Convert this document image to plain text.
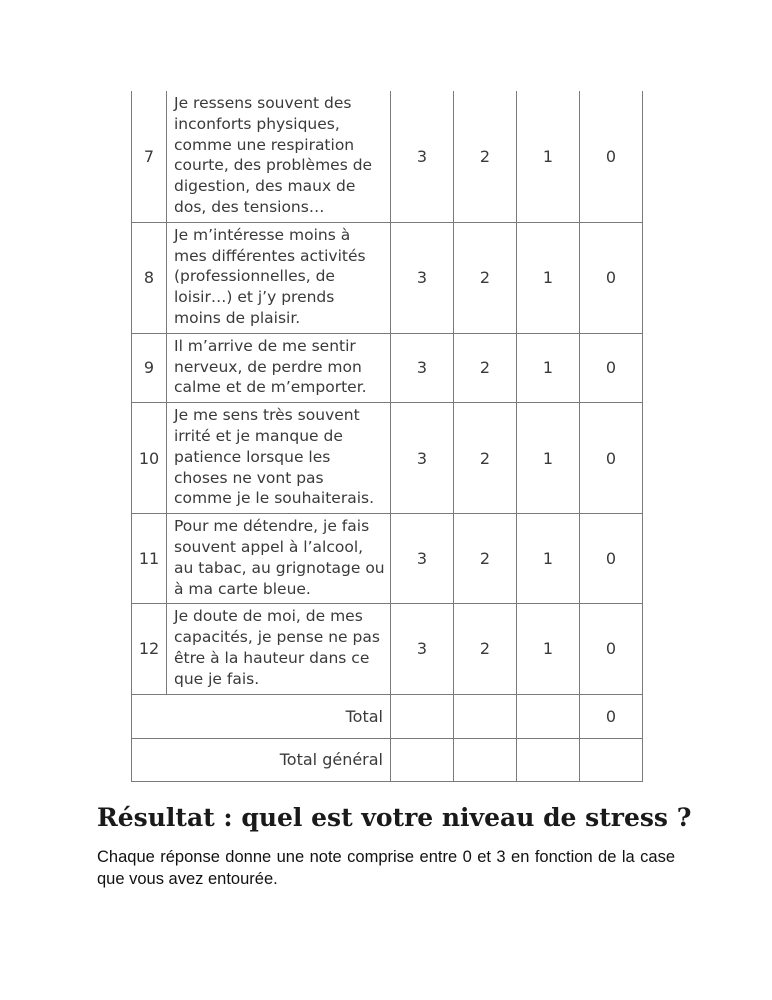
7	Je ressens souvent des inconforts physiques, comme une respiration courte, des problèmes de digestion, des maux de dos, des tensions…	3	2	1	0
8	Je m’intéresse moins à mes différentes activités (professionnelles, de loisir…) et j’y prends moins de plaisir.	3	2	1	0
9	Il m’arrive de me sentir nerveux, de perdre mon calme et de m’emporter.	3	2	1	0
10	Je me sens très souvent irrité et je manque de patience lorsque les choses ne vont pas comme je le souhaiterais.	3	2	1	0
11	Pour me détendre, je fais souvent appel à l’alcool, au tabac, au grignotage ou à ma carte bleue.	3	2	1	0
12	Je doute de moi, de mes capacités, je pense ne pas être à la hauteur dans ce que je fais.	3	2	1	0
Total					0
Total général					
Résultat : quel est votre niveau de stress ?

Chaque réponse donne une note comprise entre 0 et 3 en fonction de la case que vous avez entourée.
